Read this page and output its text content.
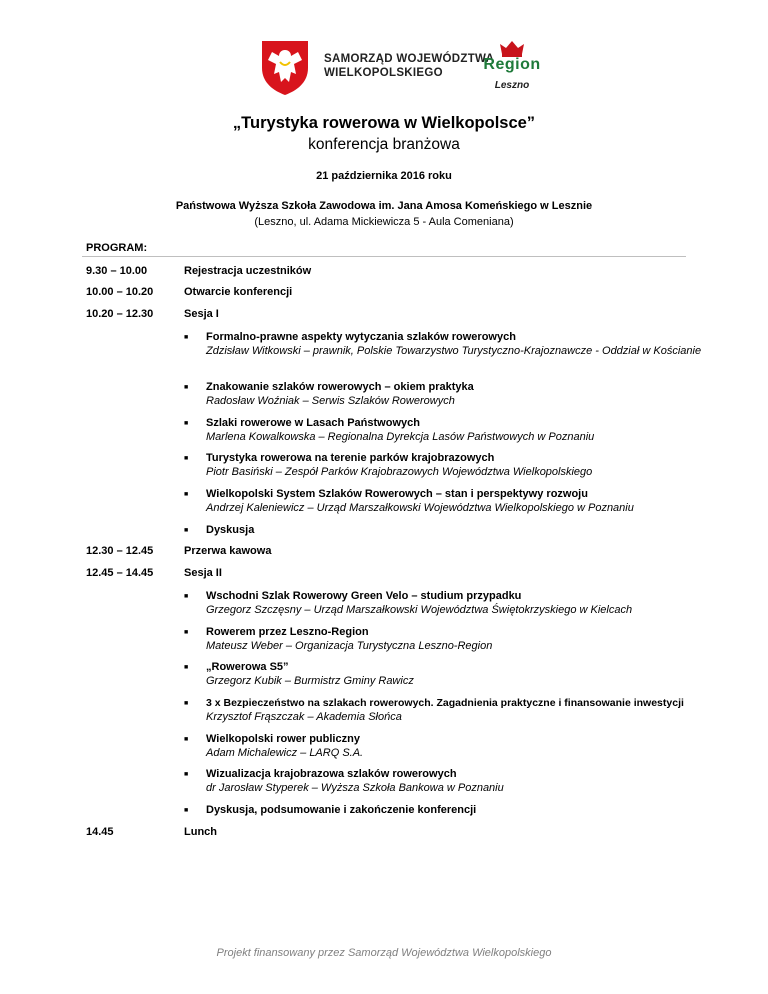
SAMORZĄD WOJEWÓDZTWA
WIELKOPOLSKIEGO	Region
Leszno
„Turystyka rowerowa w Wielkopolsce”
konferencja branżowa
21 października 2016 roku
Państwowa Wyższa Szkoła Zawodowa im. Jana Amosa Komeńskiego w Lesznie
(Leszno, ul. Adama Mickiewicza 5 - Aula Comeniana)
PROGRAM:
9.30 – 10.00	Rejestracja uczestników
10.00 – 10.20	Otwarcie konferencji
10.20 – 12.30	Sesja I
■ Formalno-prawne aspekty wytyczania szlaków rowerowych
Zdzisław Witkowski – prawnik, Polskie Towarzystwo Turystyczno-Krajoznawcze - Oddział w Kościanie
■ Znakowanie szlaków rowerowych – okiem praktyka
Radosław Woźniak – Serwis Szlaków Rowerowych
■ Szlaki rowerowe w Lasach Państwowych
Marlena Kowalkowska – Regionalna Dyrekcja Lasów Państwowych w Poznaniu
■ Turystyka rowerowa na terenie parków krajobrazowych
Piotr Basiński – Zespół Parków Krajobrazowych Województwa Wielkopolskiego
■ Wielkopolski System Szlaków Rowerowych – stan i perspektywy rozwoju
Andrzej Kaleniewicz – Urząd Marszałkowski Województwa Wielkopolskiego w Poznaniu
■ Dyskusja
12.30 – 12.45	Przerwa kawowa
12.45 – 14.45	Sesja II
■ Wschodni Szlak Rowerowy Green Velo – studium przypadku
Grzegorz Szczęsny – Urząd Marszałkowski Województwa Świętokrzyskiego w Kielcach
■ Rowerem przez Leszno-Region
Mateusz Weber – Organizacja Turystyczna Leszno-Region
■ „Rowerowa S5”
Grzegorz Kubik – Burmistrz Gminy Rawicz
■ 3 x Bezpieczeństwo na szlakach rowerowych. Zagadnienia praktyczne i finansowanie inwestycji
Krzysztof Frąszczak – Akademia Słońca
■ Wielkopolski rower publiczny
Adam Michalewicz – LARQ S.A.
■ Wizualizacja krajobrazowa szlaków rowerowych
dr Jarosław Styperek – Wyższa Szkoła Bankowa w Poznaniu
■ Dyskusja, podsumowanie i zakończenie konferencji
14.45	Lunch
Projekt finansowany przez Samorząd Województwa Wielkopolskiego
